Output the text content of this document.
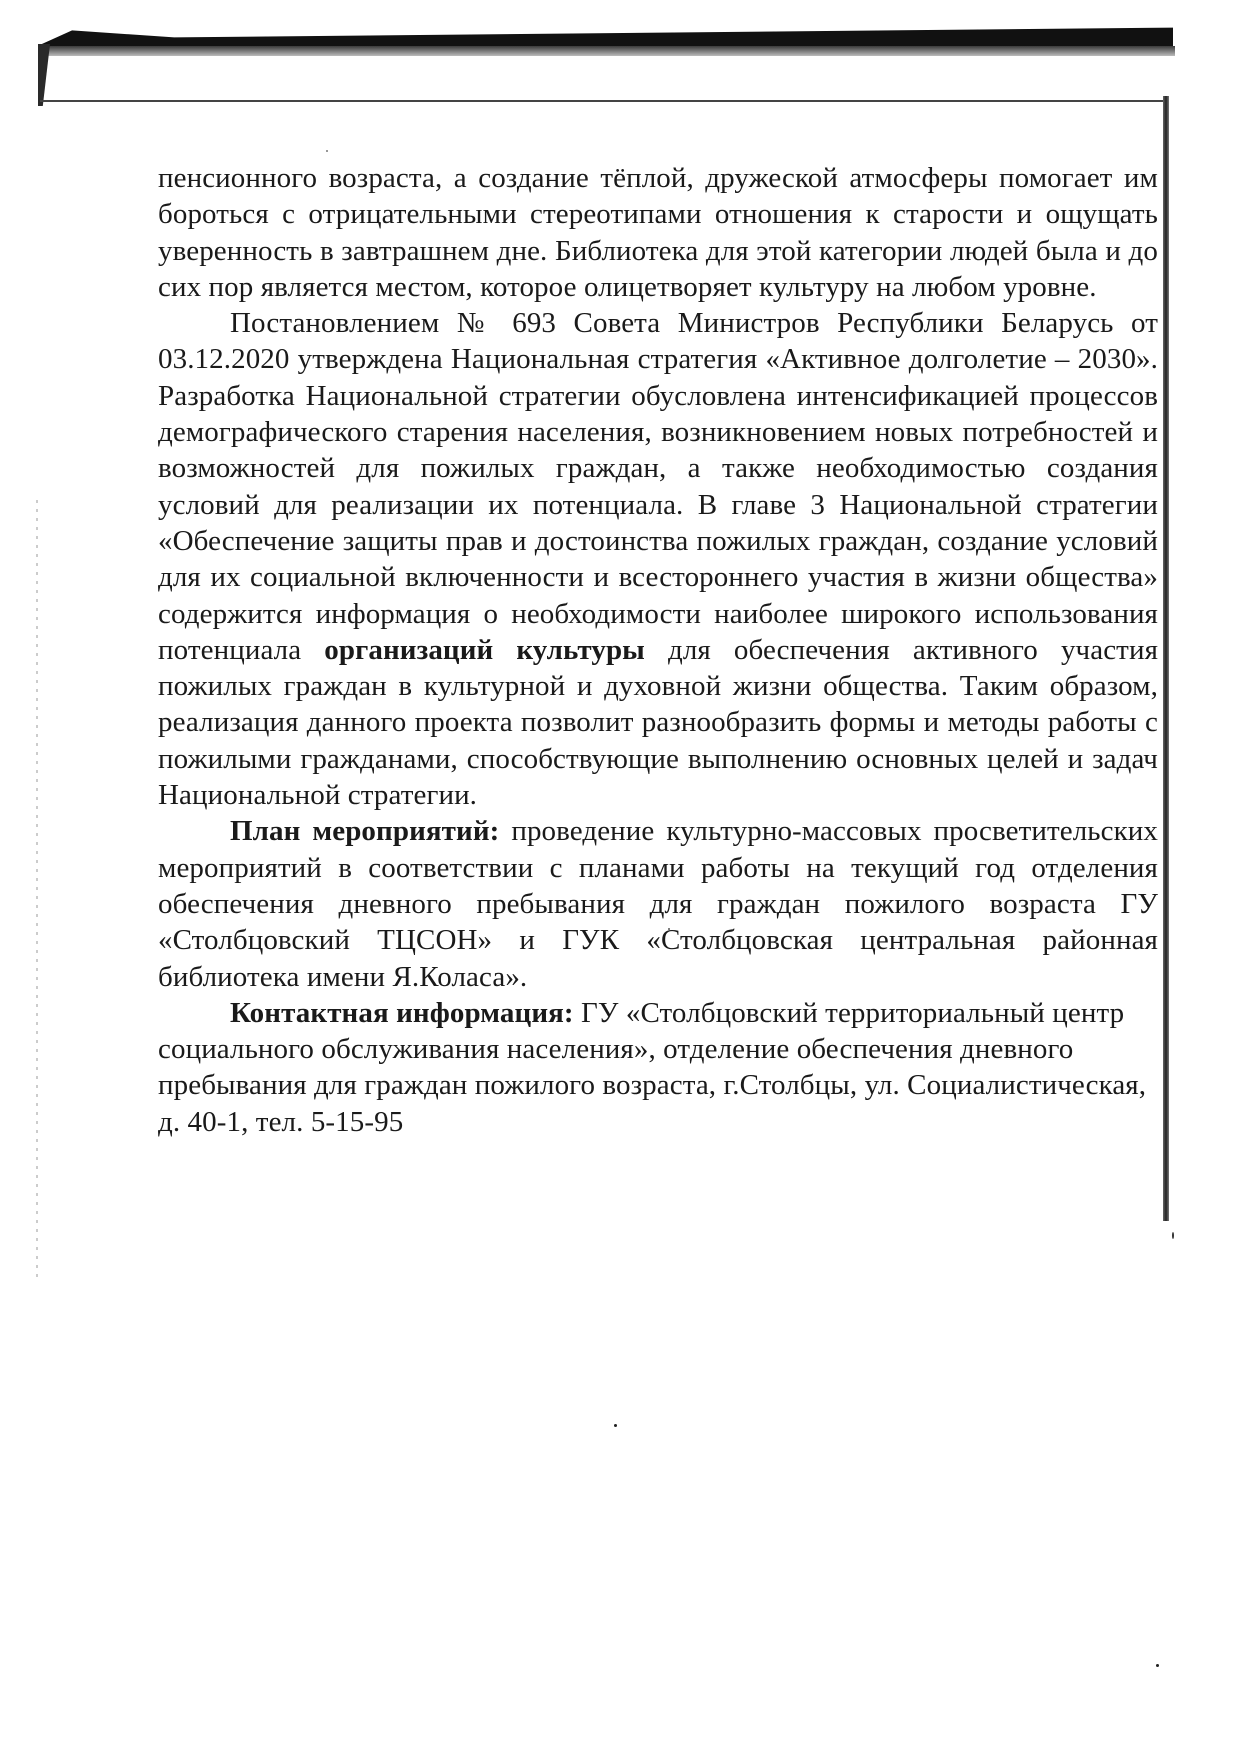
пенсионного возраста, а создание тёплой, дружеской атмосферы помогает им бороться с отрицательными стереотипами отношения к старости и ощущать уверенность в завтрашнем дне. Библиотека для этой категории людей была и до сих пор является местом, которое олицетворяет культуру на любом уровне.

Постановлением № 693 Совета Министров Республики Беларусь от 03.12.2020 утверждена Национальная стратегия «Активное долголетие – 2030». Разработка Национальной стратегии обусловлена интенсификацией процессов демографического старения населения, возникновением новых потребностей и возможностей для пожилых граждан, а также необходимостью создания условий для реализации их потенциала. В главе 3 Национальной стратегии «Обеспечение защиты прав и достоинства пожилых граждан, создание условий для их социальной включенности и всестороннего участия в жизни общества» содержится информация о необходимости наиболее широкого использования потенциала организаций культуры для обеспечения активного участия пожилых граждан в культурной и духовной жизни общества. Таким образом, реализация данного проекта позволит разнообразить формы и методы работы с пожилыми гражданами, способствующие выполнению основных целей и задач Национальной стратегии.

План мероприятий: проведение культурно-массовых просветительских мероприятий в соответствии с планами работы на текущий год отделения обеспечения дневного пребывания для граждан пожилого возраста ГУ «Столбцовский ТЦСОН» и ГУК «Столбцовская центральная районная библиотека имени Я.Коласа».

Контактная информация: ГУ «Столбцовский территориальный центр социального обслуживания населения», отделение обеспечения дневного пребывания для граждан пожилого возраста, г.Столбцы, ул. Социалистическая, д. 40-1, тел. 5-15-95
